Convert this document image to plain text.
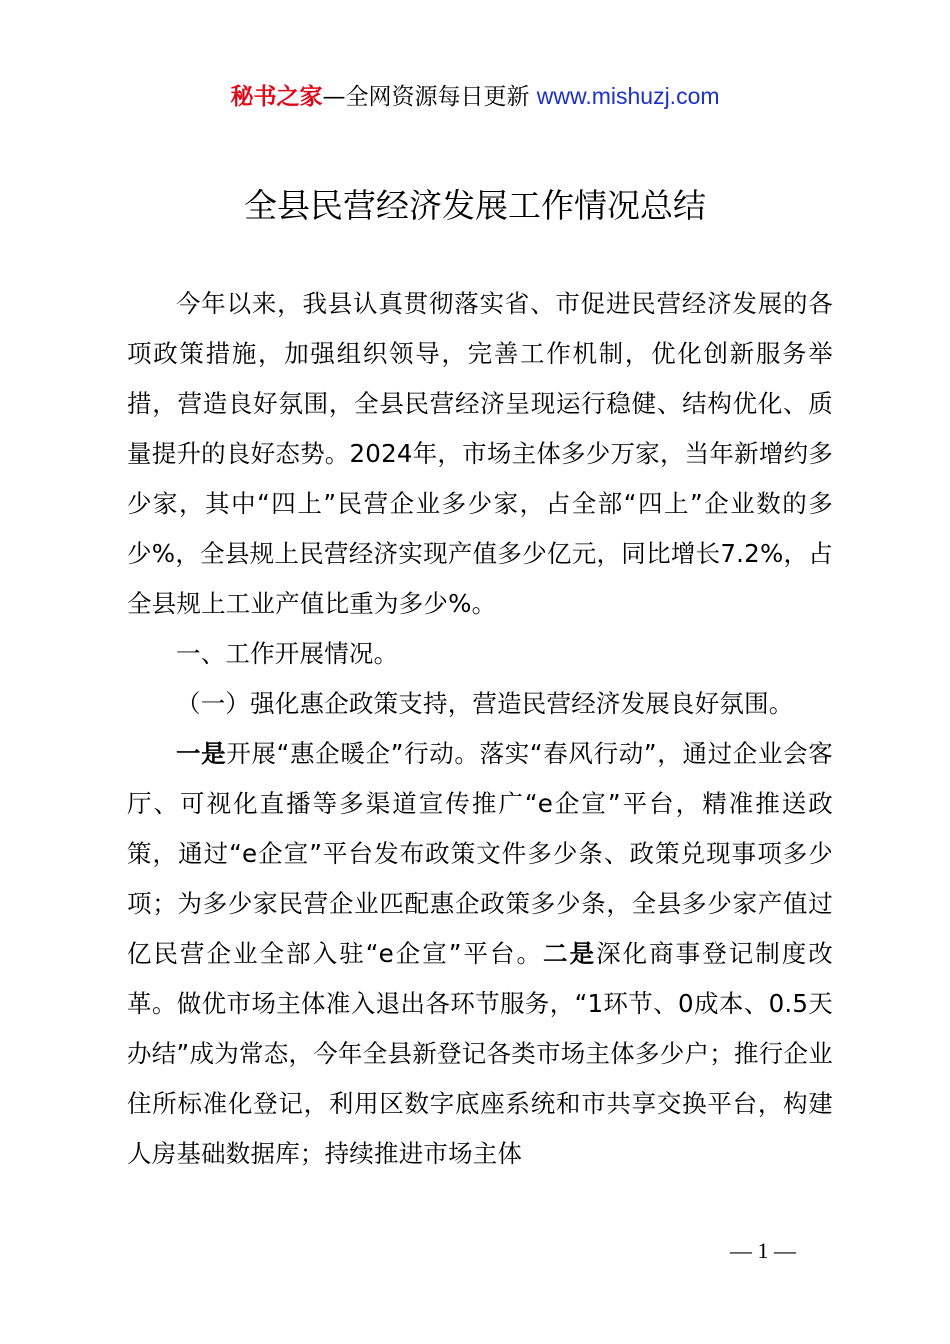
秘书之家—全网资源每日更新 www.mishuzj.com
全县民营经济发展工作情况总结

今年以来，我县认真贯彻落实省、市促进民营经济发展的各项政策措施，加强组织领导，完善工作机制，优化创新服务举措，营造良好氛围，全县民营经济呈现运行稳健、结构优化、质量提升的良好态势。2024年，市场主体多少万家，当年新增约多少家，其中“四上”民营企业多少家，占全部“四上”企业数的多少%，全县规上民营经济实现产值多少亿元，同比增长7.2%，占全县规上工业产值比重为多少%。

一、工作开展情况。

（一）强化惠企政策支持，营造民营经济发展良好氛围。

一是开展“惠企暖企”行动。落实“春风行动”，通过企业会客厅、可视化直播等多渠道宣传推广“e企宣”平台，精准推送政策，通过“e企宣”平台发布政策文件多少条、政策兑现事项多少项；为多少家民营企业匹配惠企政策多少条，全县多少家产值过亿民营企业全部入驻“e企宣”平台。二是深化商事登记制度改革。做优市场主体准入退出各环节服务，“1环节、0成本、0.5天办结”成为常态，今年全县新登记各类市场主体多少户；推行企业住所标准化登记，利用区数字底座系统和市共享交换平台，构建人房基础数据库；持续推进市场主体

— 1 —
